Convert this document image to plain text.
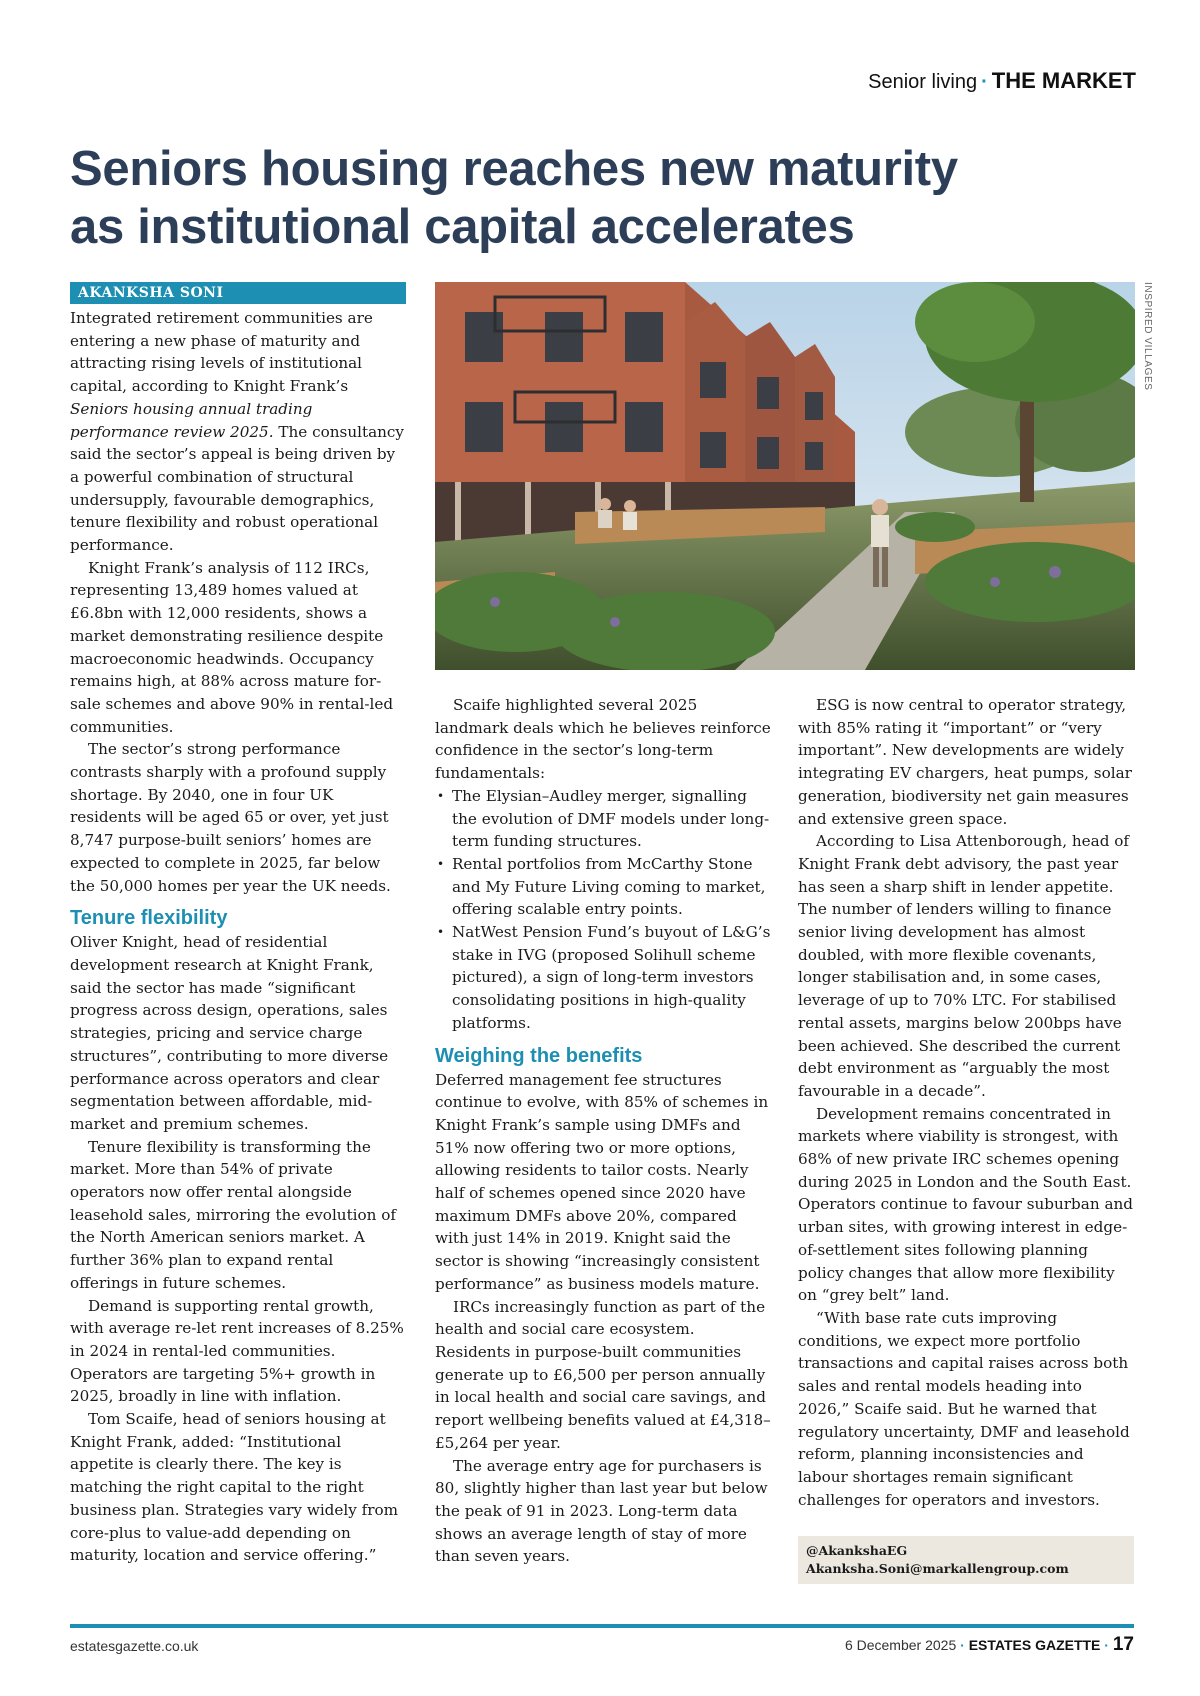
Senior living · THE MARKET
Seniors housing reaches new maturity
as institutional capital accelerates
AKANKSHA SONI

Integrated retirement communities are entering a new phase of maturity and attracting rising levels of institutional capital, according to Knight Frank’s Seniors housing annual trading performance review 2025. The consultancy said the sector’s appeal is being driven by a powerful combination of structural undersupply, favourable demographics, tenure flexibility and robust operational performance.

Knight Frank’s analysis of 112 IRCs, representing 13,489 homes valued at £6.8bn with 12,000 residents, shows a market demonstrating resilience despite macroeconomic headwinds. Occupancy remains high, at 88% across mature for-sale schemes and above 90% in rental-led communities.

The sector’s strong performance contrasts sharply with a profound supply shortage. By 2040, one in four UK residents will be aged 65 or over, yet just 8,747 purpose-built seniors’ homes are expected to complete in 2025, far below the 50,000 homes per year the UK needs.

Tenure flexibility

Oliver Knight, head of residential development research at Knight Frank, said the sector has made “significant progress across design, operations, sales strategies, pricing and service charge structures”, contributing to more diverse performance across operators and clear segmentation between affordable, mid-market and premium schemes.

Tenure flexibility is transforming the market. More than 54% of private operators now offer rental alongside leasehold sales, mirroring the evolution of the North American seniors market. A further 36% plan to expand rental offerings in future schemes.

Demand is supporting rental growth, with average re-let rent increases of 8.25% in 2024 in rental-led communities. Operators are targeting 5%+ growth in 2025, broadly in line with inflation.

Tom Scaife, head of seniors housing at Knight Frank, added: “Institutional appetite is clearly there. The key is matching the right capital to the right business plan. Strategies vary widely from core-plus to value-add depending on maturity, location and service offering.”

INSPIRED VILLAGES

Scaife highlighted several 2025 landmark deals which he believes reinforce confidence in the sector’s long-term fundamentals:

• The Elysian–Audley merger, signalling the evolution of DMF models under long-term funding structures.
• Rental portfolios from McCarthy Stone and My Future Living coming to market, offering scalable entry points.
• NatWest Pension Fund’s buyout of L&G’s stake in IVG (proposed Solihull scheme pictured), a sign of long-term investors consolidating positions in high-quality platforms.
Weighing the benefits

Deferred management fee structures continue to evolve, with 85% of schemes in Knight Frank’s sample using DMFs and 51% now offering two or more options, allowing residents to tailor costs. Nearly half of schemes opened since 2020 have maximum DMFs above 20%, compared with just 14% in 2019. Knight said the sector is showing “increasingly consistent performance” as business models mature.

IRCs increasingly function as part of the health and social care ecosystem. Residents in purpose-built communities generate up to £6,500 per person annually in local health and social care savings, and report wellbeing benefits valued at £4,318–£5,264 per year.

The average entry age for purchasers is 80, slightly higher than last year but below the peak of 91 in 2023. Long-term data shows an average length of stay of more than seven years.

ESG is now central to operator strategy, with 85% rating it “important” or “very important”. New developments are widely integrating EV chargers, heat pumps, solar generation, biodiversity net gain measures and extensive green space.

According to Lisa Attenborough, head of Knight Frank debt advisory, the past year has seen a sharp shift in lender appetite. The number of lenders willing to finance senior living development has almost doubled, with more flexible covenants, longer stabilisation and, in some cases, leverage of up to 70% LTC. For stabilised rental assets, margins below 200bps have been achieved. She described the current debt environment as “arguably the most favourable in a decade”.

Development remains concentrated in markets where viability is strongest, with 68% of new private IRC schemes opening during 2025 in London and the South East. Operators continue to favour suburban and urban sites, with growing interest in edge-of-settlement sites following planning policy changes that allow more flexibility on “grey belt” land.

“With base rate cuts improving conditions, we expect more portfolio transactions and capital raises across both sales and rental models heading into 2026,” Scaife said. But he warned that regulatory uncertainty, DMF and leasehold reform, planning inconsistencies and labour shortages remain significant challenges for operators and investors.

@AkankshaEG
Akanksha.Soni@markallengroup.com
estatesgazette.co.uk	6 December 2025 · ESTATES GAZETTE · 17
